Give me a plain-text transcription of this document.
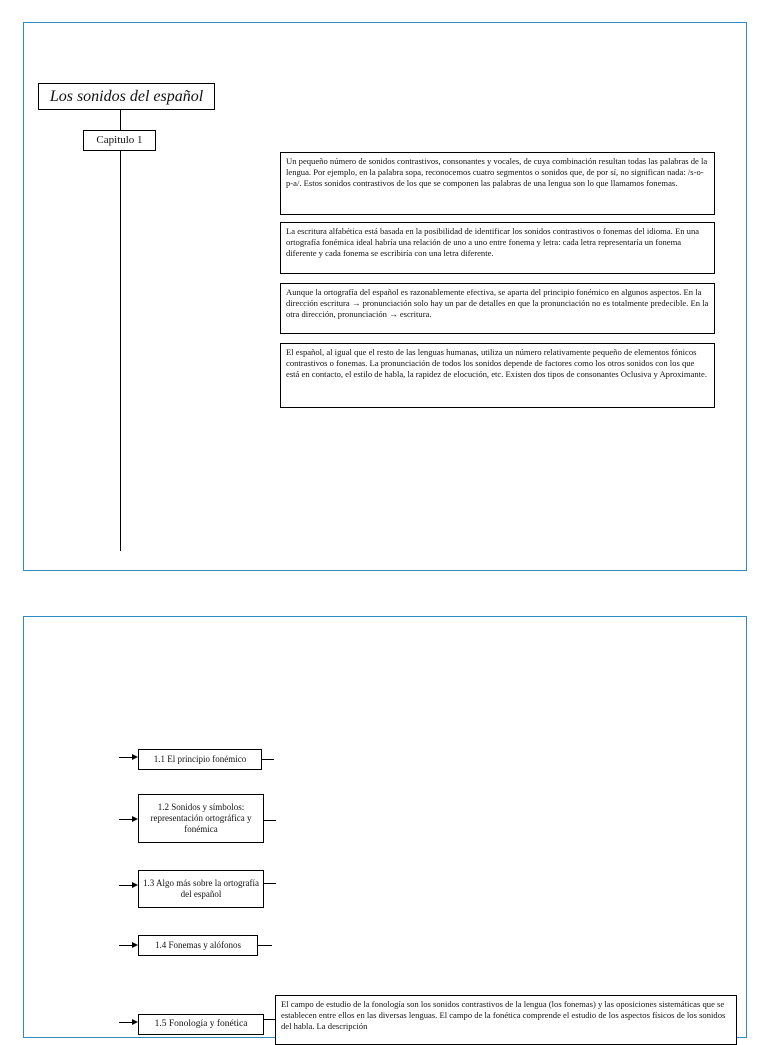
Los sonidos del español
Capitulo 1
Un pequeño número de sonidos contrastivos, consonantes y vocales, de cuya combinación resultan todas las palabras de la lengua. Por ejemplo, en la palabra sopa, reconocemos cuatro segmentos o sonidos que, de por sí, no significan nada: /s-o-p-a/. Estos sonidos contrastivos de los que se componen las palabras de una lengua son lo que llamamos fonemas.
La escritura alfabética está basada en la posibilidad de identificar los sonidos contrastivos o fonemas del idioma. En una ortografía fonémica ideal habría una relación de uno a uno entre fonema y letra: cada letra representaría un fonema diferente y cada fonema se escribiría con una letra diferente.
Aunque la ortografía del español es razonablemente efectiva, se aparta del principio fonémico en algunos aspectos. En la dirección escritura → pronunciación solo hay un par de detalles en que la pronunciación no es totalmente predecible. En la otra dirección, pronunciación → escritura.
El español, al igual que el resto de las lenguas humanas, utiliza un número relativamente pequeño de elementos fónicos contrastivos o fonemas. La pronunciación de todos los sonidos depende de factores como los otros sonidos con los que está en contacto, el estilo de habla, la rapidez de elocución, etc. Existen dos tipos de consonantes Oclusiva y Aproximante.
1.1 El principio fonémico
1.2 Sonidos y símbolos: representación ortográfica y fonémica
1.3 Algo más sobre la ortografía del español
1.4 Fonemas y alófonos
1.5 Fonología y fonética
El campo de estudio de la fonología son los sonidos contrastivos de la lengua (los fonemas) y las oposiciones sistemáticas que se establecen entre ellos en las diversas lenguas. El campo de la fonética comprende el estudio de los aspectos físicos de los sonidos del habla. La descripción
